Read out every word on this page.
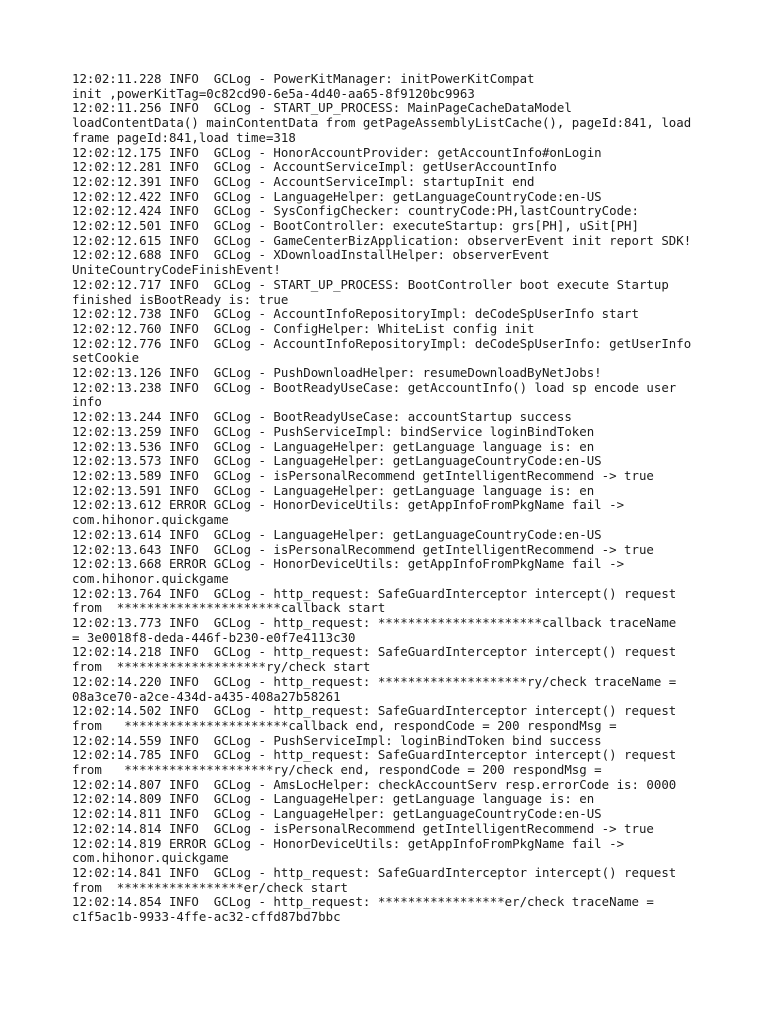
12:02:11.228 INFO  GCLog - PowerKitManager: initPowerKitCompat
init ,powerKitTag=0c82cd90-6e5a-4d40-aa65-8f9120bc9963
12:02:11.256 INFO  GCLog - START_UP_PROCESS: MainPageCacheDataModel
loadContentData() mainContentData from getPageAssemblyListCache(), pageId:841, load
frame pageId:841,load time=318
12:02:12.175 INFO  GCLog - HonorAccountProvider: getAccountInfo#onLogin
12:02:12.281 INFO  GCLog - AccountServiceImpl: getUserAccountInfo
12:02:12.391 INFO  GCLog - AccountServiceImpl: startupInit end
12:02:12.422 INFO  GCLog - LanguageHelper: getLanguageCountryCode:en-US
12:02:12.424 INFO  GCLog - SysConfigChecker: countryCode:PH,lastCountryCode:
12:02:12.501 INFO  GCLog - BootController: executeStartup: grs[PH], uSit[PH]
12:02:12.615 INFO  GCLog - GameCenterBizApplication: observerEvent init report SDK!
12:02:12.688 INFO  GCLog - XDownloadInstallHelper: observerEvent
UniteCountryCodeFinishEvent!
12:02:12.717 INFO  GCLog - START_UP_PROCESS: BootController boot execute Startup
finished isBootReady is: true
12:02:12.738 INFO  GCLog - AccountInfoRepositoryImpl: deCodeSpUserInfo start
12:02:12.760 INFO  GCLog - ConfigHelper: WhiteList config init
12:02:12.776 INFO  GCLog - AccountInfoRepositoryImpl: deCodeSpUserInfo: getUserInfo
setCookie
12:02:13.126 INFO  GCLog - PushDownloadHelper: resumeDownloadByNetJobs!
12:02:13.238 INFO  GCLog - BootReadyUseCase: getAccountInfo() load sp encode user
info
12:02:13.244 INFO  GCLog - BootReadyUseCase: accountStartup success
12:02:13.259 INFO  GCLog - PushServiceImpl: bindService loginBindToken
12:02:13.536 INFO  GCLog - LanguageHelper: getLanguage language is: en
12:02:13.573 INFO  GCLog - LanguageHelper: getLanguageCountryCode:en-US
12:02:13.589 INFO  GCLog - isPersonalRecommend getIntelligentRecommend -> true
12:02:13.591 INFO  GCLog - LanguageHelper: getLanguage language is: en
12:02:13.612 ERROR GCLog - HonorDeviceUtils: getAppInfoFromPkgName fail ->
com.hihonor.quickgame
12:02:13.614 INFO  GCLog - LanguageHelper: getLanguageCountryCode:en-US
12:02:13.643 INFO  GCLog - isPersonalRecommend getIntelligentRecommend -> true
12:02:13.668 ERROR GCLog - HonorDeviceUtils: getAppInfoFromPkgName fail ->
com.hihonor.quickgame
12:02:13.764 INFO  GCLog - http_request: SafeGuardInterceptor intercept() request
from  **********************callback start
12:02:13.773 INFO  GCLog - http_request: **********************callback traceName
= 3e0018f8-deda-446f-b230-e0f7e4113c30
12:02:14.218 INFO  GCLog - http_request: SafeGuardInterceptor intercept() request
from  ********************ry/check start
12:02:14.220 INFO  GCLog - http_request: ********************ry/check traceName =
08a3ce70-a2ce-434d-a435-408a27b58261
12:02:14.502 INFO  GCLog - http_request: SafeGuardInterceptor intercept() request
from   **********************callback end, respondCode = 200 respondMsg =
12:02:14.559 INFO  GCLog - PushServiceImpl: loginBindToken bind success
12:02:14.785 INFO  GCLog - http_request: SafeGuardInterceptor intercept() request
from   ********************ry/check end, respondCode = 200 respondMsg =
12:02:14.807 INFO  GCLog - AmsLocHelper: checkAccountServ resp.errorCode is: 0000
12:02:14.809 INFO  GCLog - LanguageHelper: getLanguage language is: en
12:02:14.811 INFO  GCLog - LanguageHelper: getLanguageCountryCode:en-US
12:02:14.814 INFO  GCLog - isPersonalRecommend getIntelligentRecommend -> true
12:02:14.819 ERROR GCLog - HonorDeviceUtils: getAppInfoFromPkgName fail ->
com.hihonor.quickgame
12:02:14.841 INFO  GCLog - http_request: SafeGuardInterceptor intercept() request
from  *****************er/check start
12:02:14.854 INFO  GCLog - http_request: *****************er/check traceName =
c1f5ac1b-9933-4ffe-ac32-cffd87bd7bbc
